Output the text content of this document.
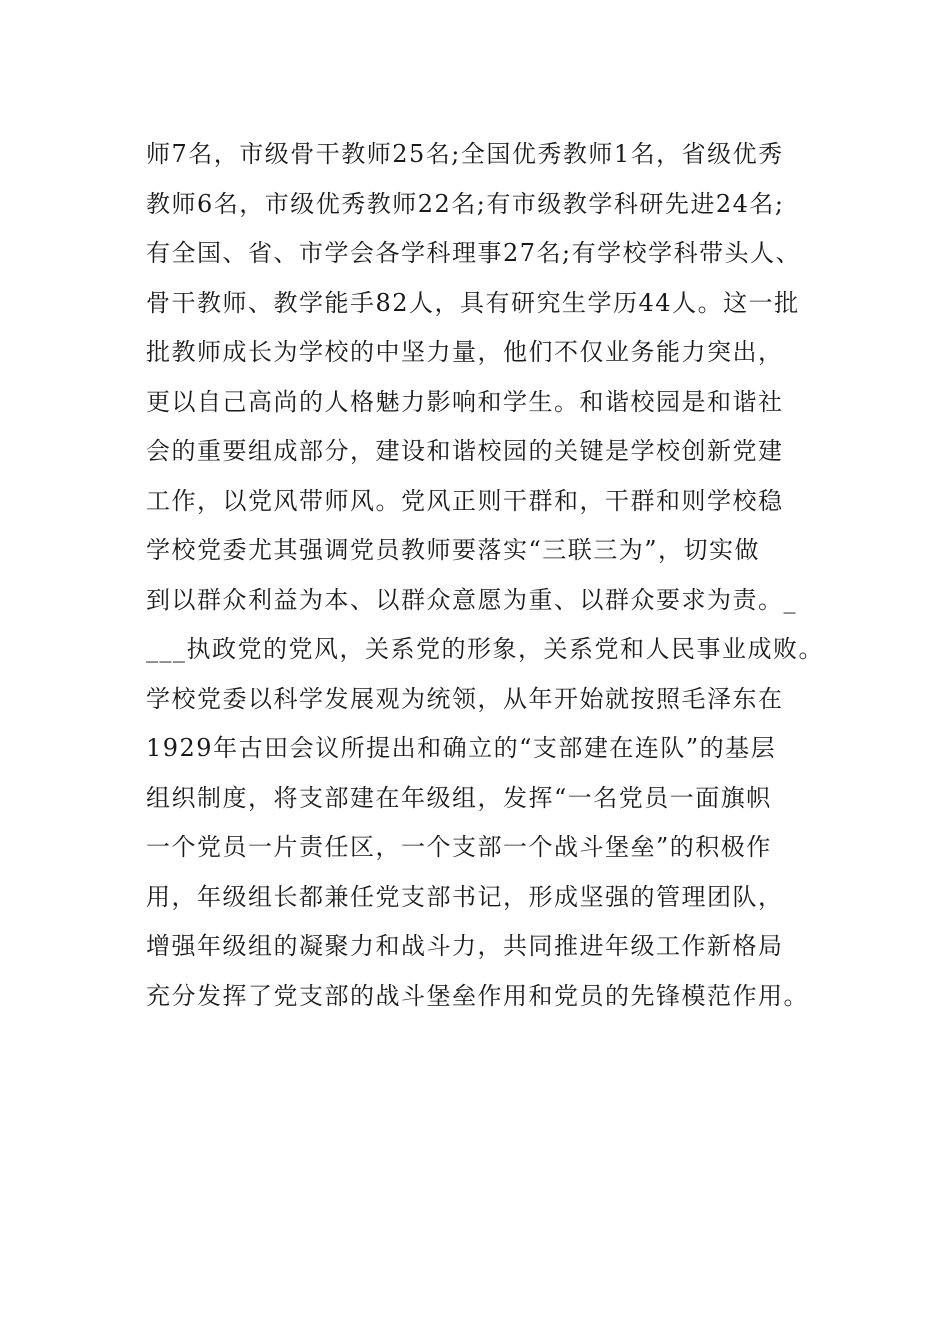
师7名，市级骨干教师25名;全国优秀教师1名，省级优秀
教师6名，市级优秀教师22名;有市级教学科研先进24名;
有全国、省、市学会各学科理事27名;有学校学科带头人、
骨干教师、教学能手82人，具有研究生学历44人。这一批
批教师成长为学校的中坚力量，他们不仅业务能力突出，
更以自己高尚的人格魅力影响和学生。和谐校园是和谐社
会的重要组成部分，建设和谐校园的关键是学校创新党建
工作，以党风带师风。党风正则干群和，干群和则学校稳
学校党委尤其强调党员教师要落实“三联三为”，切实做
到以群众利益为本、以群众意愿为重、以群众要求为责。_
___执政党的党风，关系党的形象，关系党和人民事业成败。
学校党委以科学发展观为统领，从年开始就按照毛泽东在
1929年古田会议所提出和确立的“支部建在连队”的基层
组织制度，将支部建在年级组，发挥“一名党员一面旗帜
一个党员一片责任区，一个支部一个战斗堡垒”的积极作
用，年级组长都兼任党支部书记，形成坚强的管理团队，
增强年级组的凝聚力和战斗力，共同推进年级工作新格局
充分发挥了党支部的战斗堡垒作用和党员的先锋模范作用。
